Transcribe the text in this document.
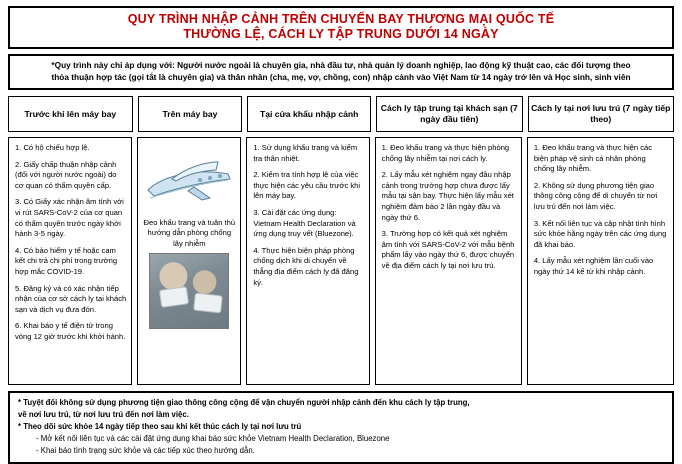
QUY TRÌNH NHẬP CẢNH TRÊN CHUYẾN BAY THƯƠNG MẠI QUỐC TẾ
THƯỜNG LỆ, CÁCH LY TẬP TRUNG DƯỚI 14 NGÀY
*Quy trình này chỉ áp dụng với: Người nước ngoài là chuyên gia, nhà đầu tư, nhà quản lý doanh nghiệp, lao động kỹ thuật cao, các đối tượng theo
thỏa thuận hợp tác (gọi tắt là chuyên gia) và thân nhân (cha, mẹ, vợ, chồng, con) nhập cảnh vào Việt Nam từ 14 ngày trở lên và Học sinh, sinh viên
Trước khi lên máy bay	Trên máy bay	Tại cửa khẩu nhập cảnh
Cách ly tập trung tại khách sạn (7 ngày đầu tiên)
Cách ly tại nơi lưu trú (7 ngày tiếp theo)

1. Có hộ chiếu hợp lệ.

2. Giấy chấp thuận nhập cảnh (đối với người nước ngoài) do cơ quan có thẩm quyền cấp.

3. Có Giấy xác nhận âm tính với vi rút SARS-CoV-2 của cơ quan có thẩm quyền trước ngày khởi hành 3-5 ngày.

4. Có bảo hiểm y tế hoặc cam kết chi trả chi phí trong trường hợp mắc COVID-19.

5. Đăng ký và có xác nhận tiếp nhận của cơ sở cách ly tại khách sạn và dịch vụ đưa đón.

6. Khai báo y tế điện tử trong vòng 12 giờ trước khi khởi hành.

Đeo khẩu trang và tuân thủ hướng dẫn phòng chống lây nhiễm

1. Sử dụng khẩu trang và kiểm tra thân nhiệt.

2. Kiểm tra tính hợp lệ của việc thực hiện các yêu cầu trước khi lên máy bay.

3. Cài đặt các ứng dụng: Vietnam Health Declaration và ứng dụng truy vết (Bluezone).

4. Thực hiện biện pháp phòng chống dịch khi di chuyển về thẳng địa điểm cách ly đã đăng ký.

1. Đeo khẩu trang và thực hiện phòng chống lây nhiễm tại nơi cách ly.

2. Lấy mẫu xét nghiệm ngay đầu nhập cảnh trong trường hợp chưa được lấy mẫu tại sân bay. Thực hiện lấy mẫu xét nghiệm đảm bảo 2 lần ngày đầu và ngày thứ 6.

3. Trường hợp có kết quả xét nghiệm âm tính với SARS-CoV-2 với mẫu bệnh phẩm lấy vào ngày thứ 6, được chuyển về địa điểm cách ly tại nơi lưu trú.

1. Đeo khẩu trang và thực hiện các biện pháp vệ sinh cá nhân phòng chống lây nhiễm.

2. Không sử dụng phương tiện giao thông công cộng để di chuyển từ nơi lưu trú đến nơi làm việc.

3. Kết nối liên tục và cập nhật tình hình sức khỏe hằng ngày trên các ứng dụng đã khai báo.

4. Lấy mẫu xét nghiệm lần cuối vào ngày thứ 14 kể từ khi nhập cảnh.

* Tuyệt đối không sử dụng phương tiện giao thông công cộng để vận chuyển người nhập cảnh đến khu cách ly tập trung,

về nơi lưu trú, từ nơi lưu trú đến nơi làm việc.

* Theo dõi sức khỏe 14 ngày tiếp theo sau khi kết thúc cách ly tại nơi lưu trú

- Mở kết nối liên tục và các cài đặt ứng dụng khai báo sức khỏe Vietnam Health Declaration, Bluezone

- Khai báo tình trạng sức khỏe và các tiếp xúc theo hướng dẫn.
